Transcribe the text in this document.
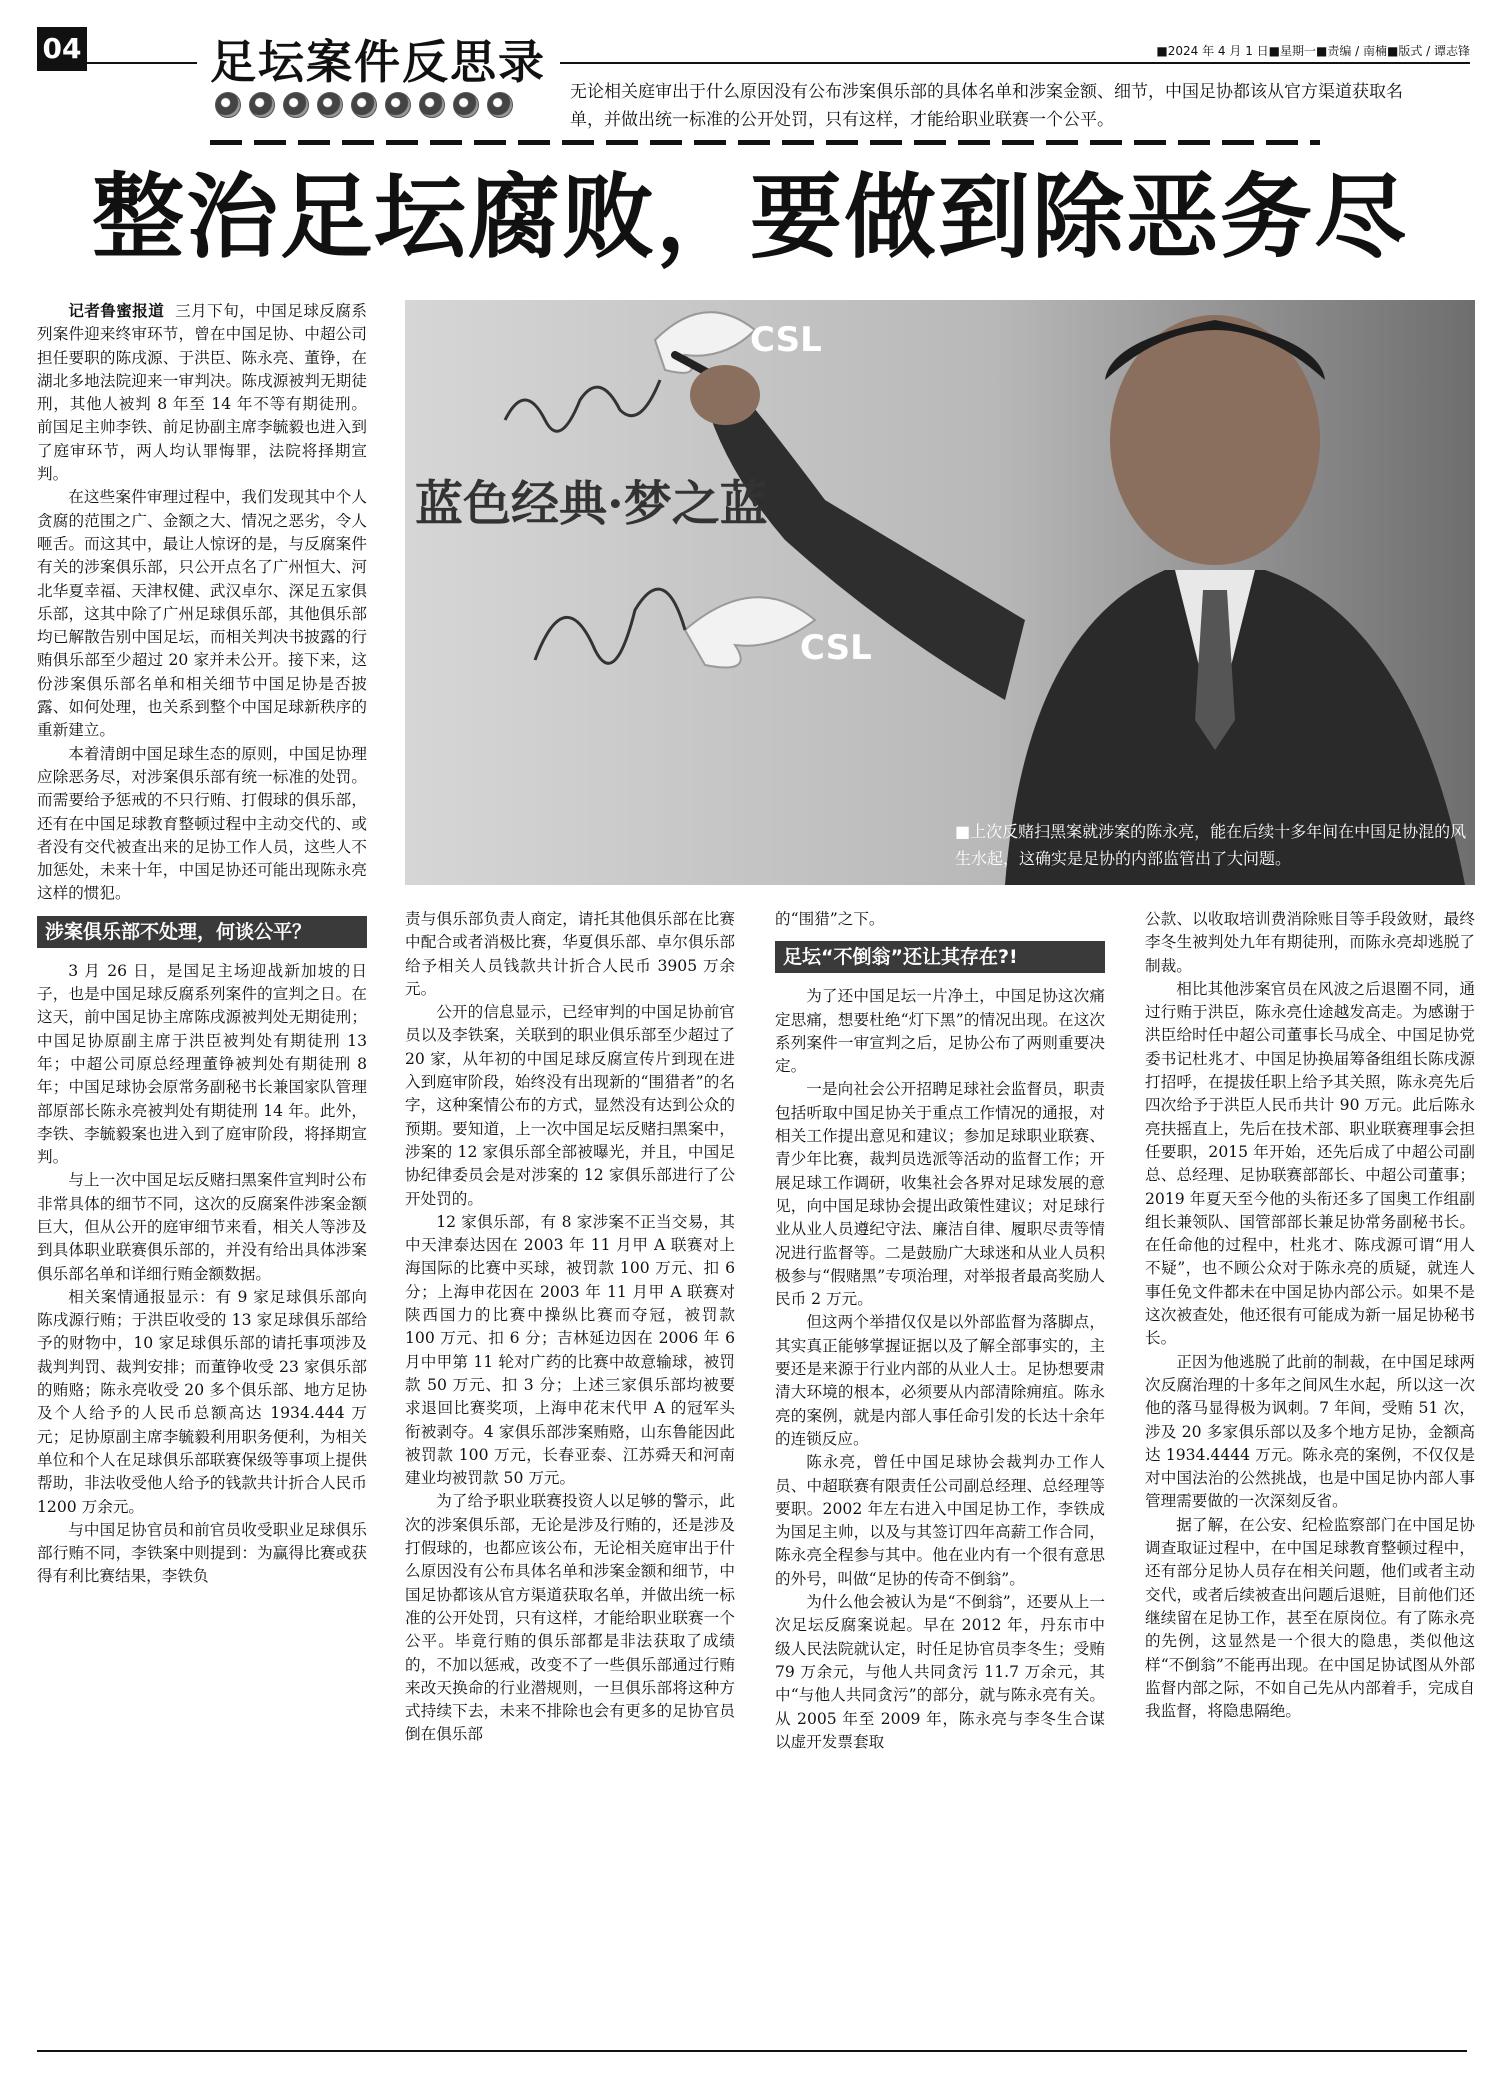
04	足坛案件反思录	■2024 年 4 月 1 日■星期一■责编 / 南楠■版式 / 谭志锋
无论相关庭审出于什么原因没有公布涉案俱乐部的具体名单和涉案金额、细节，中国足协都该从官方渠道获取名单，并做出统一标准的公开处罚，只有这样，才能给职业联赛一个公平。
整治足坛腐败，要做到除恶务尽
蓝色经典·梦之蓝
CSL
CSL
■上次反赌扫黑案就涉案的陈永亮，能在后续十多年间在中国足协混的风生水起，这确实是足协的内部监管出了大问题。

记者鲁蜜报道 三月下旬，中国足球反腐系列案件迎来终审环节，曾在中国足协、中超公司担任要职的陈戌源、于洪臣、陈永亮、董铮，在湖北多地法院迎来一审判决。陈戌源被判无期徒刑，其他人被判 8 年至 14 年不等有期徒刑。前国足主帅李铁、前足协副主席李毓毅也进入到了庭审环节，两人均认罪悔罪，法院将择期宣判。

在这些案件审理过程中，我们发现其中个人贪腐的范围之广、金额之大、情况之恶劣，令人咂舌。而这其中，最让人惊讶的是，与反腐案件有关的涉案俱乐部，只公开点名了广州恒大、河北华夏幸福、天津权健、武汉卓尔、深足五家俱乐部，这其中除了广州足球俱乐部，其他俱乐部均已解散告别中国足坛，而相关判决书披露的行贿俱乐部至少超过 20 家并未公开。接下来，这份涉案俱乐部名单和相关细节中国足协是否披露、如何处理，也关系到整个中国足球新秩序的重新建立。

本着清朗中国足球生态的原则，中国足协理应除恶务尽，对涉案俱乐部有统一标准的处罚。而需要给予惩戒的不只行贿、打假球的俱乐部，还有在中国足球教育整顿过程中主动交代的、或者没有交代被查出来的足协工作人员，这些人不加惩处，未来十年，中国足协还可能出现陈永亮这样的惯犯。

涉案俱乐部不处理，何谈公平？

3 月 26 日，是国足主场迎战新加坡的日子，也是中国足球反腐系列案件的宣判之日。在这天，前中国足协主席陈戌源被判处无期徒刑；中国足协原副主席于洪臣被判处有期徒刑 13 年；中超公司原总经理董铮被判处有期徒刑 8 年；中国足球协会原常务副秘书长兼国家队管理部原部长陈永亮被判处有期徒刑 14 年。此外，李铁、李毓毅案也进入到了庭审阶段，将择期宣判。

与上一次中国足坛反赌扫黑案件宣判时公布非常具体的细节不同，这次的反腐案件涉案金额巨大，但从公开的庭审细节来看，相关人等涉及到具体职业联赛俱乐部的，并没有给出具体涉案俱乐部名单和详细行贿金额数据。

相关案情通报显示：有 9 家足球俱乐部向陈戌源行贿；于洪臣收受的 13 家足球俱乐部给予的财物中，10 家足球俱乐部的请托事项涉及裁判判罚、裁判安排；而董铮收受 23 家俱乐部的贿赂；陈永亮收受 20 多个俱乐部、地方足协及个人给予的人民币总额高达 1934.444 万元；足协原副主席李毓毅利用职务便利，为相关单位和个人在足球俱乐部联赛保级等事项上提供帮助，非法收受他人给予的钱款共计折合人民币 1200 万余元。

与中国足协官员和前官员收受职业足球俱乐部行贿不同，李铁案中则提到：为赢得比赛或获得有利比赛结果，李铁负

责与俱乐部负责人商定，请托其他俱乐部在比赛中配合或者消极比赛，华夏俱乐部、卓尔俱乐部给予相关人员钱款共计折合人民币 3905 万余元。

公开的信息显示，已经审判的中国足协前官员以及李铁案，关联到的职业俱乐部至少超过了 20 家，从年初的中国足球反腐宣传片到现在进入到庭审阶段，始终没有出现新的“围猎者”的名字，这种案情公布的方式，显然没有达到公众的预期。要知道，上一次中国足坛反赌扫黑案中，涉案的 12 家俱乐部全部被曝光，并且，中国足协纪律委员会是对涉案的 12 家俱乐部进行了公开处罚的。

12 家俱乐部，有 8 家涉案不正当交易，其中天津泰达因在 2003 年 11 月甲 A 联赛对上海国际的比赛中买球，被罚款 100 万元、扣 6 分；上海申花因在 2003 年 11 月甲 A 联赛对陕西国力的比赛中操纵比赛而夺冠，被罚款 100 万元、扣 6 分；吉林延边因在 2006 年 6 月中甲第 11 轮对广药的比赛中故意输球，被罚款 50 万元、扣 3 分；上述三家俱乐部均被要求退回比赛奖项，上海申花末代甲 A 的冠军头衔被剥夺。4 家俱乐部涉案贿赂，山东鲁能因此被罚款 100 万元，长春亚泰、江苏舜天和河南建业均被罚款 50 万元。

为了给予职业联赛投资人以足够的警示，此次的涉案俱乐部，无论是涉及行贿的，还是涉及打假球的，也都应该公布，无论相关庭审出于什么原因没有公布具体名单和涉案金额和细节，中国足协都该从官方渠道获取名单，并做出统一标准的公开处罚，只有这样，才能给职业联赛一个公平。毕竟行贿的俱乐部都是非法获取了成绩的，不加以惩戒，改变不了一些俱乐部通过行贿来改天换命的行业潜规则，一旦俱乐部将这种方式持续下去，未来不排除也会有更多的足协官员倒在俱乐部

的“围猎”之下。

足坛“不倒翁”还让其存在?!

为了还中国足坛一片净土，中国足协这次痛定思痛，想要杜绝“灯下黑”的情况出现。在这次系列案件一审宣判之后，足协公布了两则重要决定。

一是向社会公开招聘足球社会监督员，职责包括听取中国足协关于重点工作情况的通报，对相关工作提出意见和建议；参加足球职业联赛、青少年比赛，裁判员选派等活动的监督工作；开展足球工作调研，收集社会各界对足球发展的意见，向中国足球协会提出政策性建议；对足球行业从业人员遵纪守法、廉洁自律、履职尽责等情况进行监督等。二是鼓励广大球迷和从业人员积极参与“假赌黑”专项治理，对举报者最高奖励人民币 2 万元。

但这两个举措仅仅是以外部监督为落脚点，其实真正能够掌握证据以及了解全部事实的，主要还是来源于行业内部的从业人士。足协想要肃清大环境的根本，必须要从内部清除痈疽。陈永亮的案例，就是内部人事任命引发的长达十余年的连锁反应。

陈永亮，曾任中国足球协会裁判办工作人员、中超联赛有限责任公司副总经理、总经理等要职。2002 年左右进入中国足协工作，李铁成为国足主帅，以及与其签订四年高薪工作合同，陈永亮全程参与其中。他在业内有一个很有意思的外号，叫做“足协的传奇不倒翁”。

为什么他会被认为是“不倒翁”，还要从上一次足坛反腐案说起。早在 2012 年，丹东市中级人民法院就认定，时任足协官员李冬生；受贿 79 万余元，与他人共同贪污 11.7 万余元，其中“与他人共同贪污”的部分，就与陈永亮有关。从 2005 年至 2009 年，陈永亮与李冬生合谋以虚开发票套取

公款、以收取培训费消除账目等手段敛财，最终李冬生被判处九年有期徒刑，而陈永亮却逃脱了制裁。

相比其他涉案官员在风波之后退圈不同，通过行贿于洪臣，陈永亮仕途越发高走。为感谢于洪臣给时任中超公司董事长马成全、中国足协党委书记杜兆才、中国足协换届筹备组组长陈戌源打招呼，在提拔任职上给予其关照，陈永亮先后四次给予于洪臣人民币共计 90 万元。此后陈永亮扶摇直上，先后在技术部、职业联赛理事会担任要职，2015 年开始，还先后成了中超公司副总、总经理、足协联赛部部长、中超公司董事；2019 年夏天至今他的头衔还多了国奥工作组副组长兼领队、国管部部长兼足协常务副秘书长。在任命他的过程中，杜兆才、陈戌源可谓“用人不疑”，也不顾公众对于陈永亮的质疑，就连人事任免文件都未在中国足协内部公示。如果不是这次被查处，他还很有可能成为新一届足协秘书长。

正因为他逃脱了此前的制裁，在中国足球两次反腐治理的十多年之间风生水起，所以这一次他的落马显得极为讽刺。7 年间，受贿 51 次，涉及 20 多家俱乐部以及多个地方足协，金额高达 1934.4444 万元。陈永亮的案例，不仅仅是对中国法治的公然挑战，也是中国足协内部人事管理需要做的一次深刻反省。

据了解，在公安、纪检监察部门在中国足协调查取证过程中，在中国足球教育整顿过程中，还有部分足协人员存在相关问题，他们或者主动交代，或者后续被查出问题后退赃，目前他们还继续留在足协工作，甚至在原岗位。有了陈永亮的先例，这显然是一个很大的隐患，类似他这样“不倒翁”不能再出现。在中国足协试图从外部监督内部之际，不如自己先从内部着手，完成自我监督，将隐患隔绝。
